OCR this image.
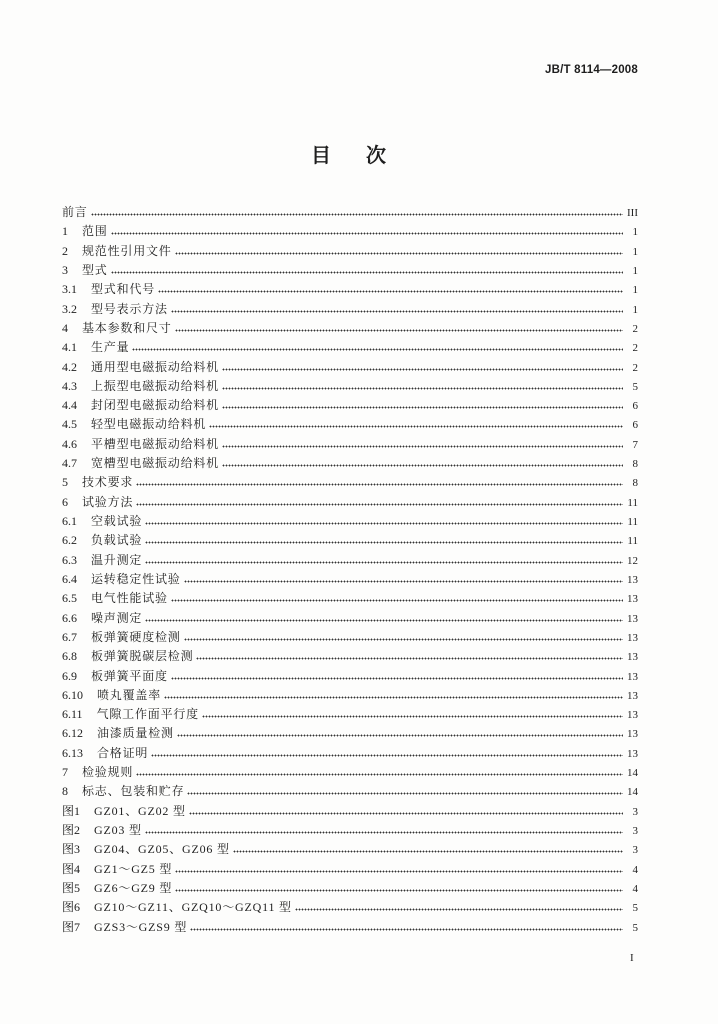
JB/T 8114—2008
目 次
前言	III
1 范围	1
2 规范性引用文件	1
3 型式	1
3.1 型式和代号	1
3.2 型号表示方法	1
4 基本参数和尺寸	2
4.1 生产量	2
4.2 通用型电磁振动给料机	2
4.3 上振型电磁振动给料机	5
4.4 封闭型电磁振动给料机	6
4.5 轻型电磁振动给料机	6
4.6 平槽型电磁振动给料机	7
4.7 宽槽型电磁振动给料机	8
5 技术要求	8
6 试验方法	11
6.1 空载试验	11
6.2 负载试验	11
6.3 温升测定	12
6.4 运转稳定性试验	13
6.5 电气性能试验	13
6.6 噪声测定	13
6.7 板弹簧硬度检测	13
6.8 板弹簧脱碳层检测	13
6.9 板弹簧平面度	13
6.10 喷丸覆盖率	13
6.11 气隙工作面平行度	13
6.12 油漆质量检测	13
6.13 合格证明	13
7 检验规则	14
8 标志、包装和贮存	14
图1 GZ01、GZ02 型	3
图2 GZ03 型	3
图3 GZ04、GZ05、GZ06 型	3
图4 GZ1～GZ5 型	4
图5 GZ6～GZ9 型	4
图6 GZ10～GZ11、GZQ10～GZQ11 型	5
图7 GZS3～GZS9 型	5
I
